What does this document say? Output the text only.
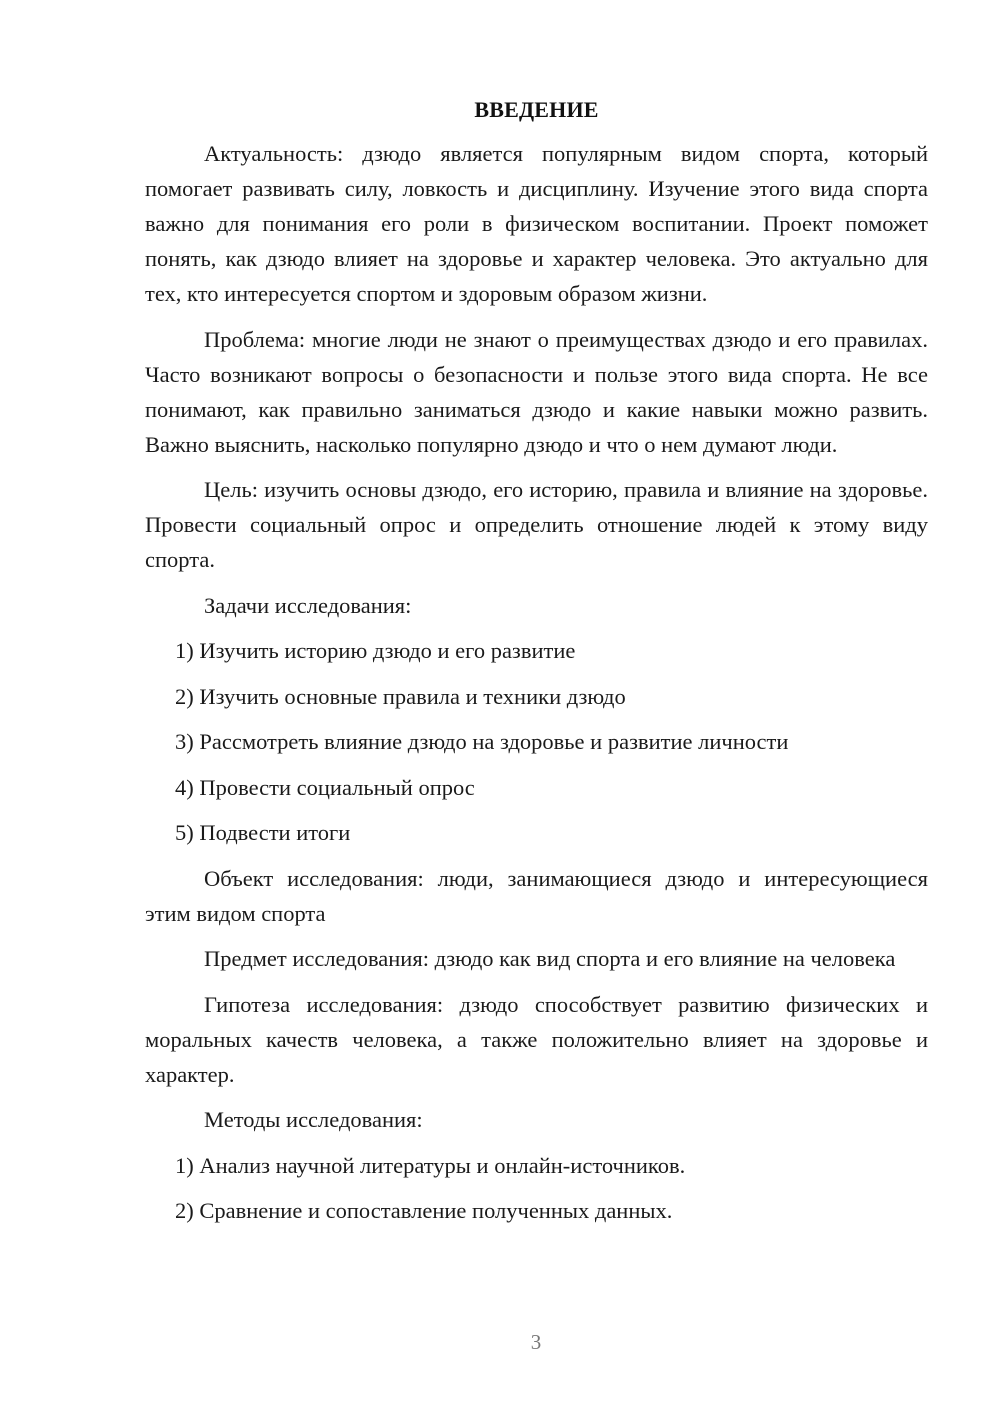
ВВЕДЕНИЕ

Актуальность: дзюдо является популярным видом спорта, который помогает развивать силу, ловкость и дисциплину. Изучение этого вида спорта важно для понимания его роли в физическом воспитании. Проект поможет понять, как дзюдо влияет на здоровье и характер человека. Это актуально для тех, кто интересуется спортом и здоровым образом жизни.

Проблема: многие люди не знают о преимуществах дзюдо и его правилах. Часто возникают вопросы о безопасности и пользе этого вида спорта. Не все понимают, как правильно заниматься дзюдо и какие навыки можно развить. Важно выяснить, насколько популярно дзюдо и что о нем думают люди.

Цель: изучить основы дзюдо, его историю, правила и влияние на здоровье. Провести социальный опрос и определить отношение людей к этому виду спорта.

Задачи исследования:

1) Изучить историю дзюдо и его развитие
2) Изучить основные правила и техники дзюдо
3) Рассмотреть влияние дзюдо на здоровье и развитие личности
4) Провести социальный опрос
5) Подвести итоги

Объект исследования: люди, занимающиеся дзюдо и интересующиеся этим видом спорта

Предмет исследования: дзюдо как вид спорта и его влияние на человека

Гипотеза исследования: дзюдо способствует развитию физических и моральных качеств человека, а также положительно влияет на здоровье и характер.

Методы исследования:

1) Анализ научной литературы и онлайн-источников.
2) Сравнение и сопоставление полученных данных.
3
